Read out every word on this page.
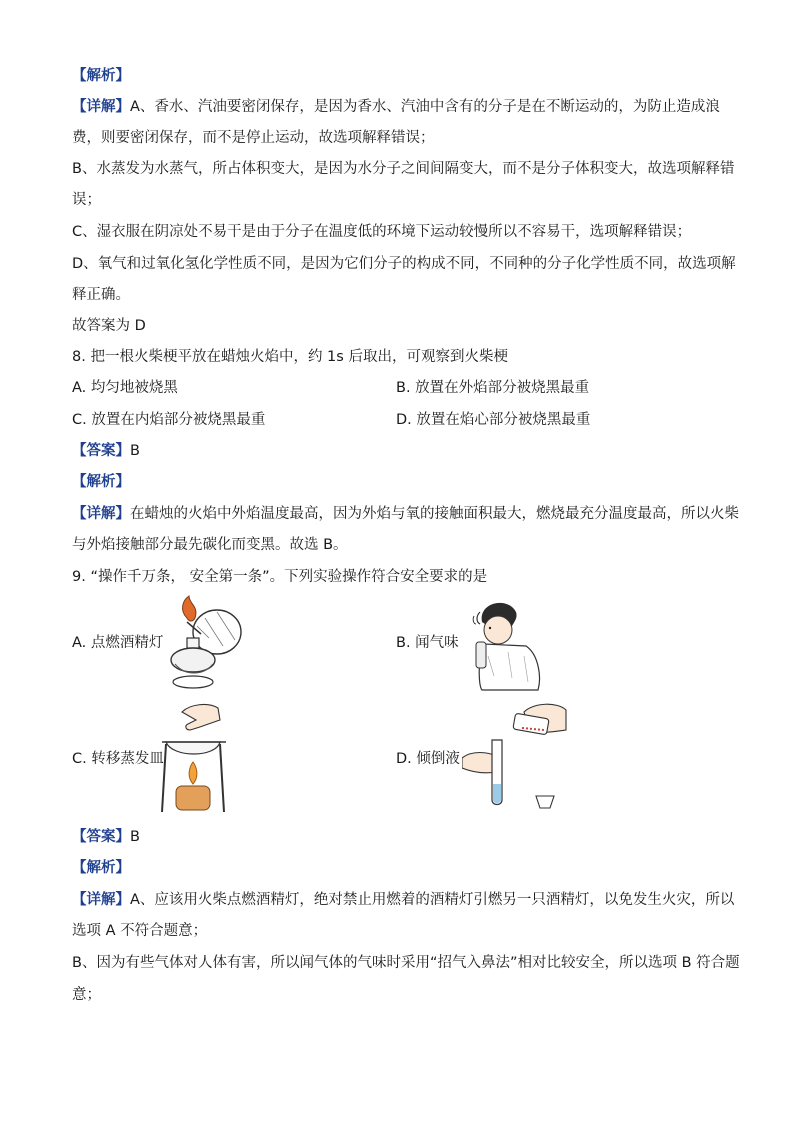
【解析】
【详解】A、香水、汽油要密闭保存，是因为香水、汽油中含有的分子是在不断运动的，为防止造成浪
费，则要密闭保存，而不是停止运动，故选项解释错误；
B、水蒸发为水蒸气，所占体积变大，是因为水分子之间间隔变大，而不是分子体积变大，故选项解释错
误；
C、湿衣服在阴凉处不易干是由于分子在温度低的环境下运动较慢所以不容易干，选项解释错误；
D、氧气和过氧化氢化学性质不同，是因为它们分子的构成不同，不同种的分子化学性质不同，故选项解
释正确。
故答案为 D
8. 把一根火柴梗平放在蜡烛火焰中，约 1s 后取出，可观察到火柴梗
A. 均匀地被烧黑	B. 放置在外焰部分被烧黑最重
C. 放置在内焰部分被烧黑最重	D. 放置在焰心部分被烧黑最重
【答案】B
【解析】
【详解】在蜡烛的火焰中外焰温度最高，因为外焰与氧的接触面积最大，燃烧最充分温度最高，所以火柴
与外焰接触部分最先碳化而变黑。故选 B。
9. “操作千万条， 安全第一条”。下列实验操作符合安全要求的是
A. 点燃酒精灯	B. 闻气味
C. 转移蒸发皿	D. 倾倒液
【答案】B
【解析】
【详解】A、应该用火柴点燃酒精灯，绝对禁止用燃着的酒精灯引燃另一只酒精灯，以免发生火灾，所以
选项 A 不符合题意；
B、因为有些气体对人体有害，所以闻气体的气味时采用“招气入鼻法”相对比较安全，所以选项 B 符合题
意；
